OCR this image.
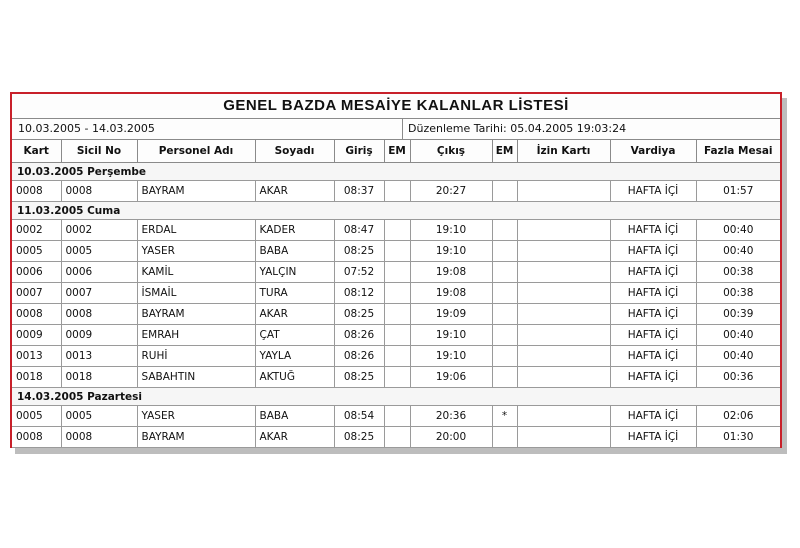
GENEL BAZDA MESAİYE KALANLAR LİSTESİ
10.03.2005 - 14.03.2005	Düzenleme Tarihi: 05.04.2005 19:03:24
Kart	Sicil No	Personel Adı	Soyadı	Giriş	EM	Çıkış	EM	İzin Kartı	Vardiya	Fazla Mesai
10.03.2005 Perşembe										
0008	0008	BAYRAM	AKAR	08:37		20:27			HAFTA İÇİ	01:57
11.03.2005 Cuma										
0002	0002	ERDAL	KADER	08:47		19:10			HAFTA İÇİ	00:40
0005	0005	YASER	BABA	08:25		19:10			HAFTA İÇİ	00:40
0006	0006	KAMİL	YALÇIN	07:52		19:08			HAFTA İÇİ	00:38
0007	0007	İSMAİL	TURA	08:12		19:08			HAFTA İÇİ	00:38
0008	0008	BAYRAM	AKAR	08:25		19:09			HAFTA İÇİ	00:39
0009	0009	EMRAH	ÇAT	08:26		19:10			HAFTA İÇİ	00:40
0013	0013	RUHİ	YAYLA	08:26		19:10			HAFTA İÇİ	00:40
0018	0018	SABAHTIN	AKTUĞ	08:25		19:06			HAFTA İÇİ	00:36
14.03.2005 Pazartesi										
0005	0005	YASER	BABA	08:54		20:36	*		HAFTA İÇİ	02:06
0008	0008	BAYRAM	AKAR	08:25		20:00			HAFTA İÇİ	01:30
